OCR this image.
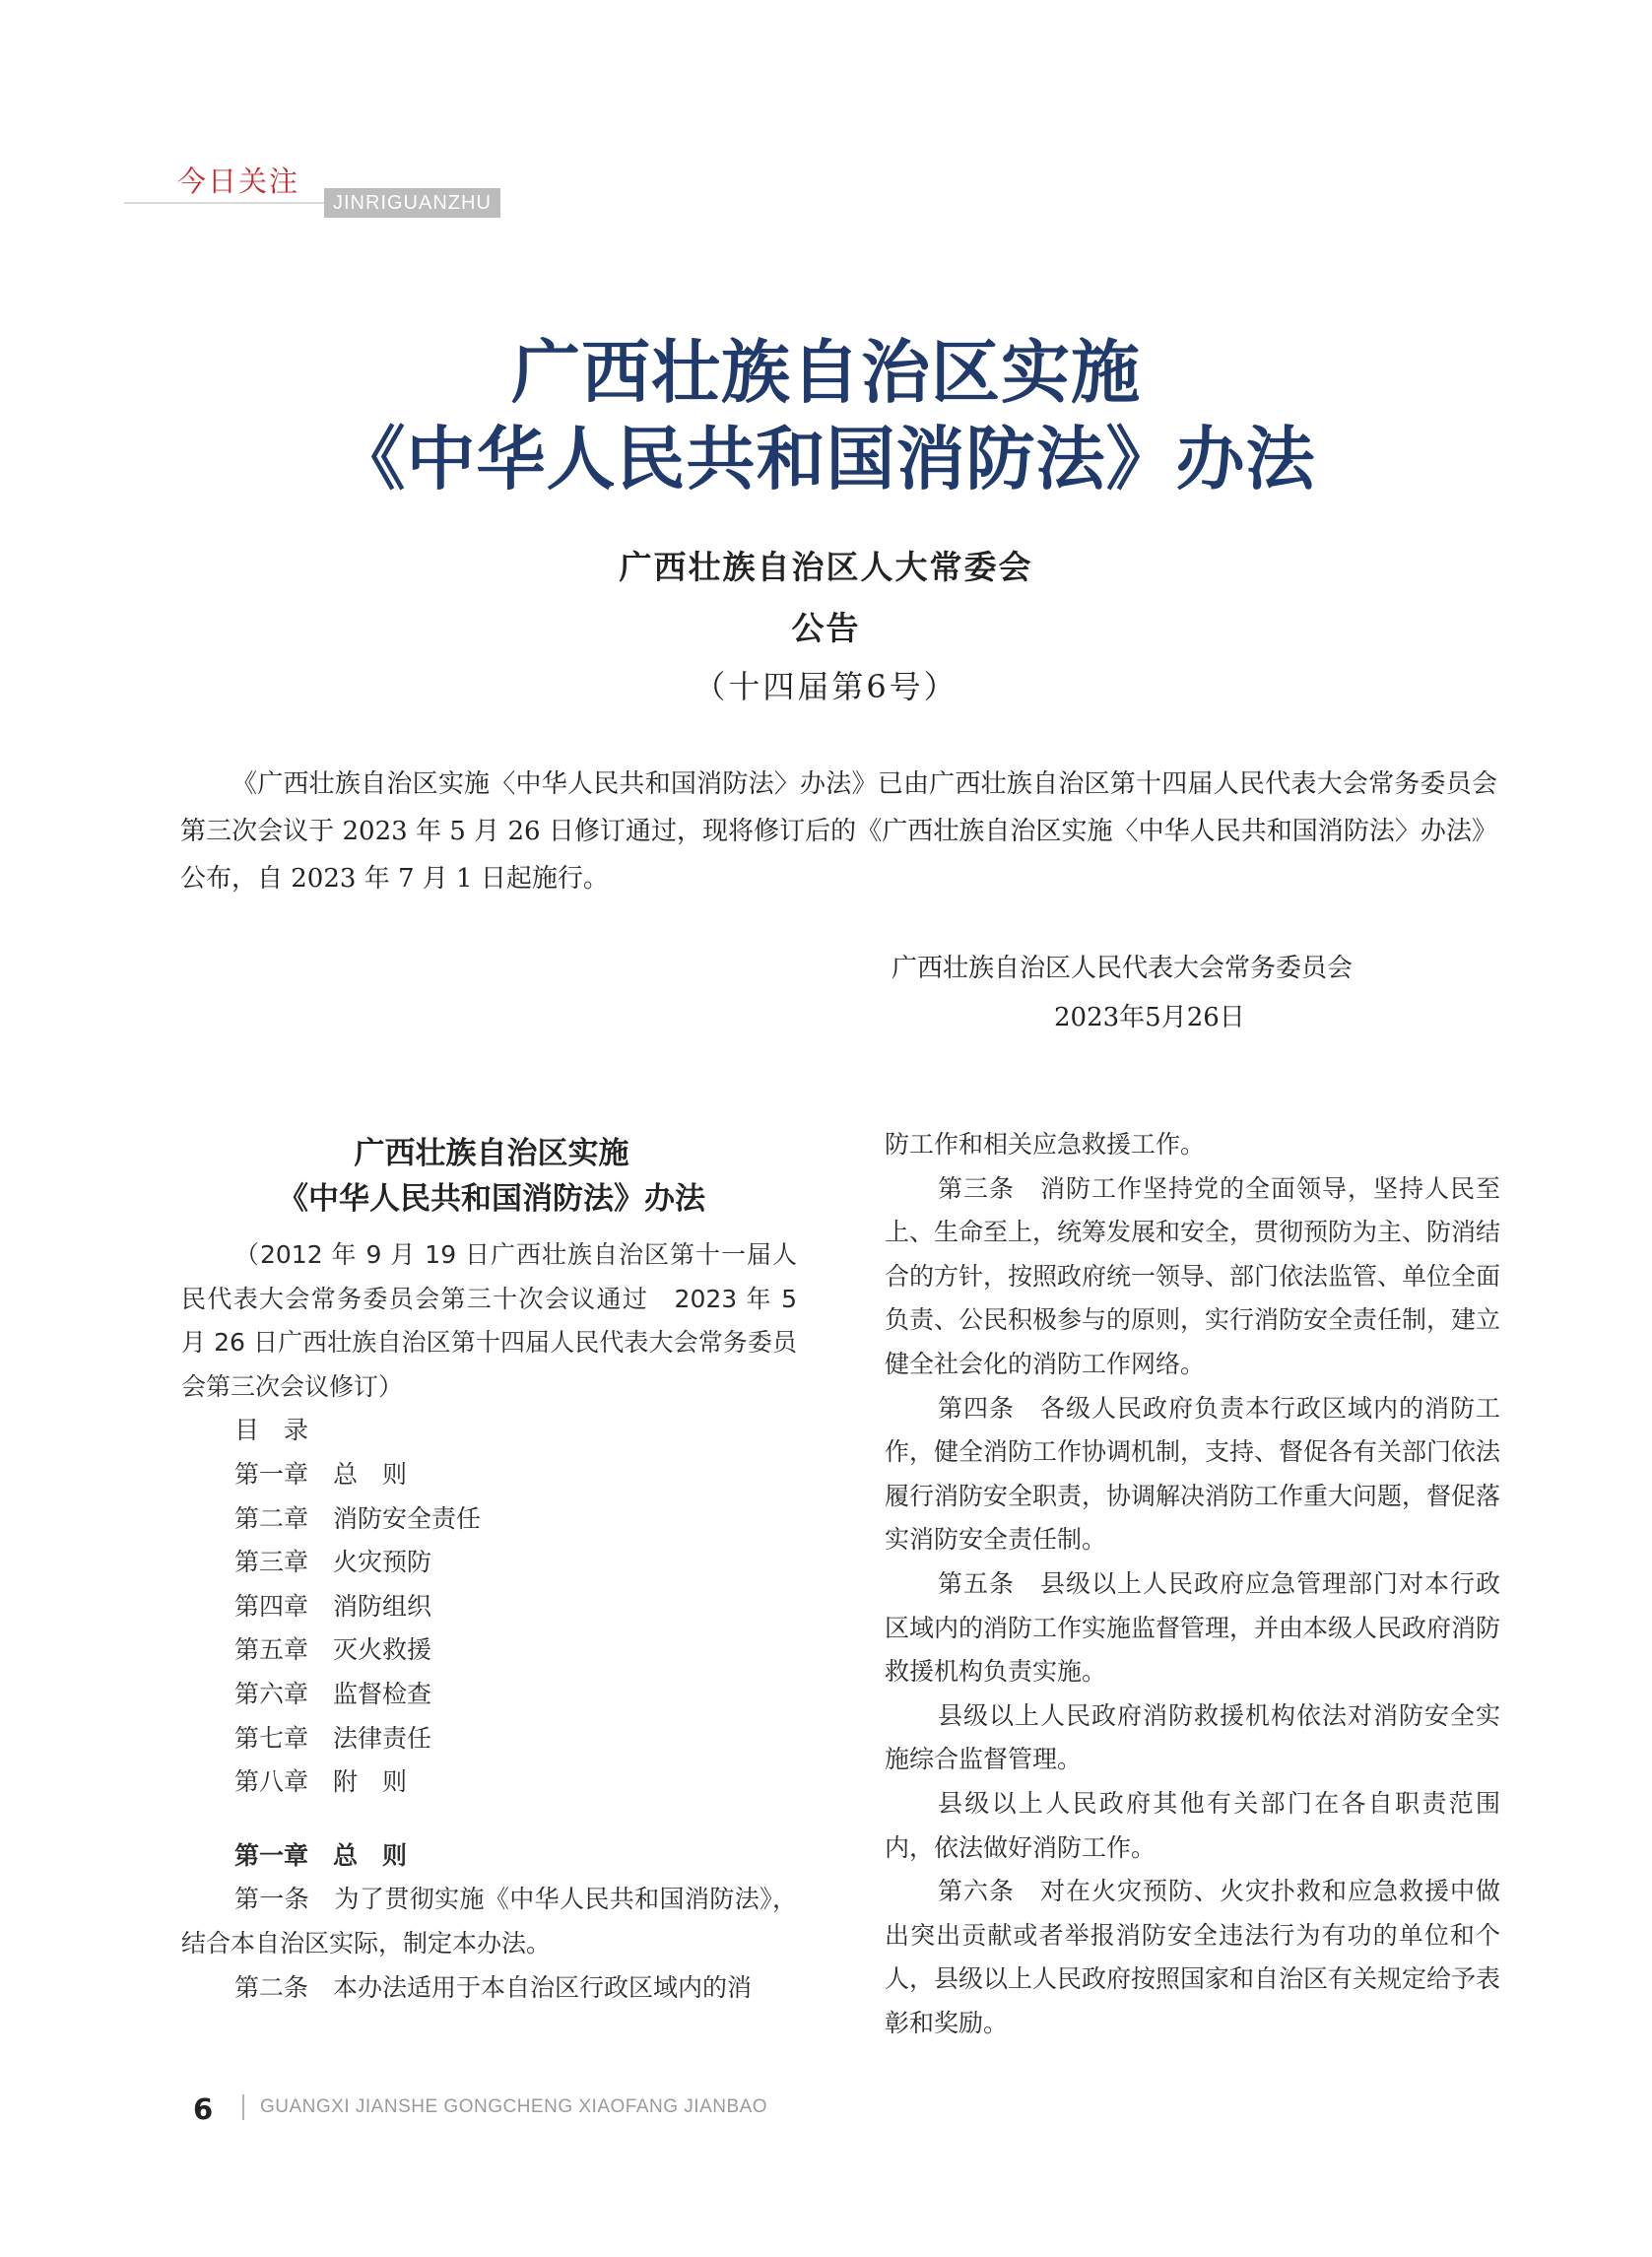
今日关注
JINRIGUANZHU
广西壮族自治区实施
《中华人民共和国消防法》办法
广西壮族自治区人大常委会
公告
（十四届第6号）
《广西壮族自治区实施〈中华人民共和国消防法〉办法》已由广西壮族自治区第十四届人民代表大会常务委员会第三次会议于 2023 年 5 月 26 日修订通过，现将修订后的《广西壮族自治区实施〈中华人民共和国消防法〉办法》公布，自 2023 年 7 月 1 日起施行。
广西壮族自治区人民代表大会常务委员会
2023年5月26日
广西壮族自治区实施
《中华人民共和国消防法》办法

（2012 年 9 月 19 日广西壮族自治区第十一届人民代表大会常务委员会第三十次会议通过　2023 年 5 月 26 日广西壮族自治区第十四届人民代表大会常务委员会第三次会议修订）

目　录

第一章　总　则

第二章　消防安全责任

第三章　火灾预防

第四章　消防组织

第五章　灭火救援

第六章　监督检查

第七章　法律责任

第八章　附　则

第一章　总　则

第一条　为了贯彻实施《中华人民共和国消防法》，结合本自治区实际，制定本办法。

第二条　本办法适用于本自治区行政区域内的消

防工作和相关应急救援工作。

第三条　消防工作坚持党的全面领导，坚持人民至上、生命至上，统筹发展和安全，贯彻预防为主、防消结合的方针，按照政府统一领导、部门依法监管、单位全面负责、公民积极参与的原则，实行消防安全责任制，建立健全社会化的消防工作网络。

第四条　各级人民政府负责本行政区域内的消防工作，健全消防工作协调机制，支持、督促各有关部门依法履行消防安全职责，协调解决消防工作重大问题，督促落实消防安全责任制。

第五条　县级以上人民政府应急管理部门对本行政区域内的消防工作实施监督管理，并由本级人民政府消防救援机构负责实施。

县级以上人民政府消防救援机构依法对消防安全实施综合监督管理。

县级以上人民政府其他有关部门在各自职责范围内，依法做好消防工作。

第六条　对在火灾预防、火灾扑救和应急救援中做出突出贡献或者举报消防安全违法行为有功的单位和个人，县级以上人民政府按照国家和自治区有关规定给予表彰和奖励。

6	GUANGXI JIANSHE GONGCHENG XIAOFANG JIANBAO
